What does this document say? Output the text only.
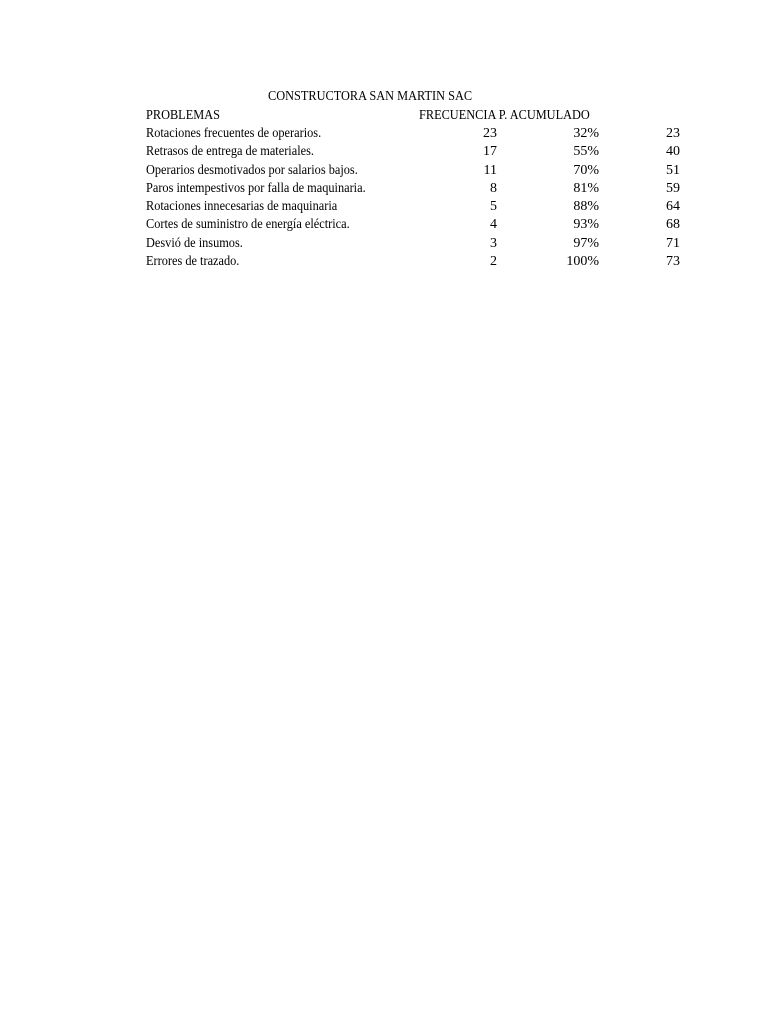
CONSTRUCTORA SAN MARTIN SAC
PROBLEMAS	FRECUENCIA P. ACUMULADO
Rotaciones frecuentes de operarios.	23	32%	23
Retrasos de entrega de materiales.	17	55%	40
Operarios desmotivados por salarios bajos.	11	70%	51
Paros intempestivos por falla de maquinaria.	8	81%	59
Rotaciones innecesarias de maquinaria	5	88%	64
Cortes de suministro de energía eléctrica.	4	93%	68
Desvió de insumos.	3	97%	71
Errores de trazado.	2	100%	73
